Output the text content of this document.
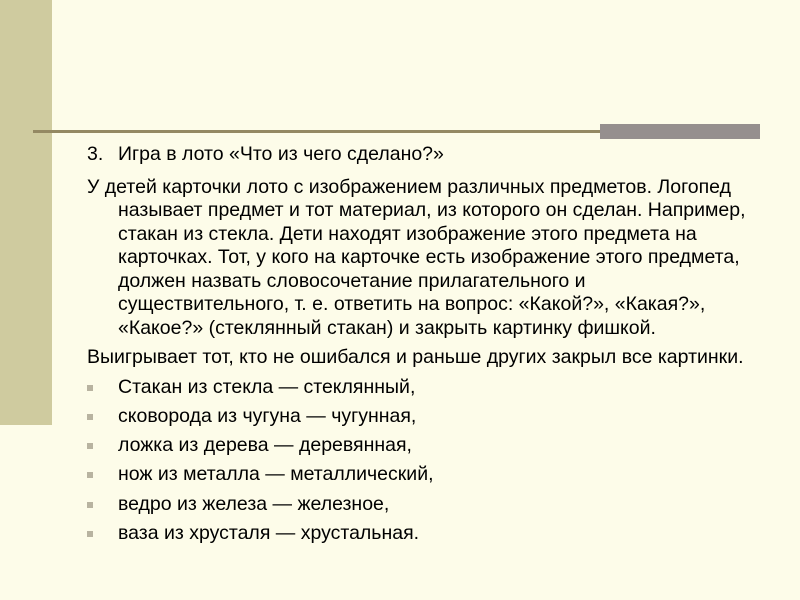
3. Игра в лото «Что из чего сделано?»
У детей карточки лото с изображением различных предметов. Логопед называет предмет и тот материал, из которого он сделан. Например, стакан из стекла. Дети находят изображение этого предмета на карточках. Тот, у кого на карточке есть изображение этого предмета, должен назвать словосочетание прилагательного и существительного, т. е. ответить на вопрос: «Какой?», «Какая?», «Какое?» (стеклянный стакан) и закрыть картинку фишкой.
Выигрывает тот, кто не ошибался и раньше других закрыл все картинки.
Стакан из стекла — стеклянный,
сковорода из чугуна — чугунная,
ложка из дерева — деревянная,
нож из металла — металлический,
ведро из железа — железное,
ваза из хрусталя — хрустальная.
